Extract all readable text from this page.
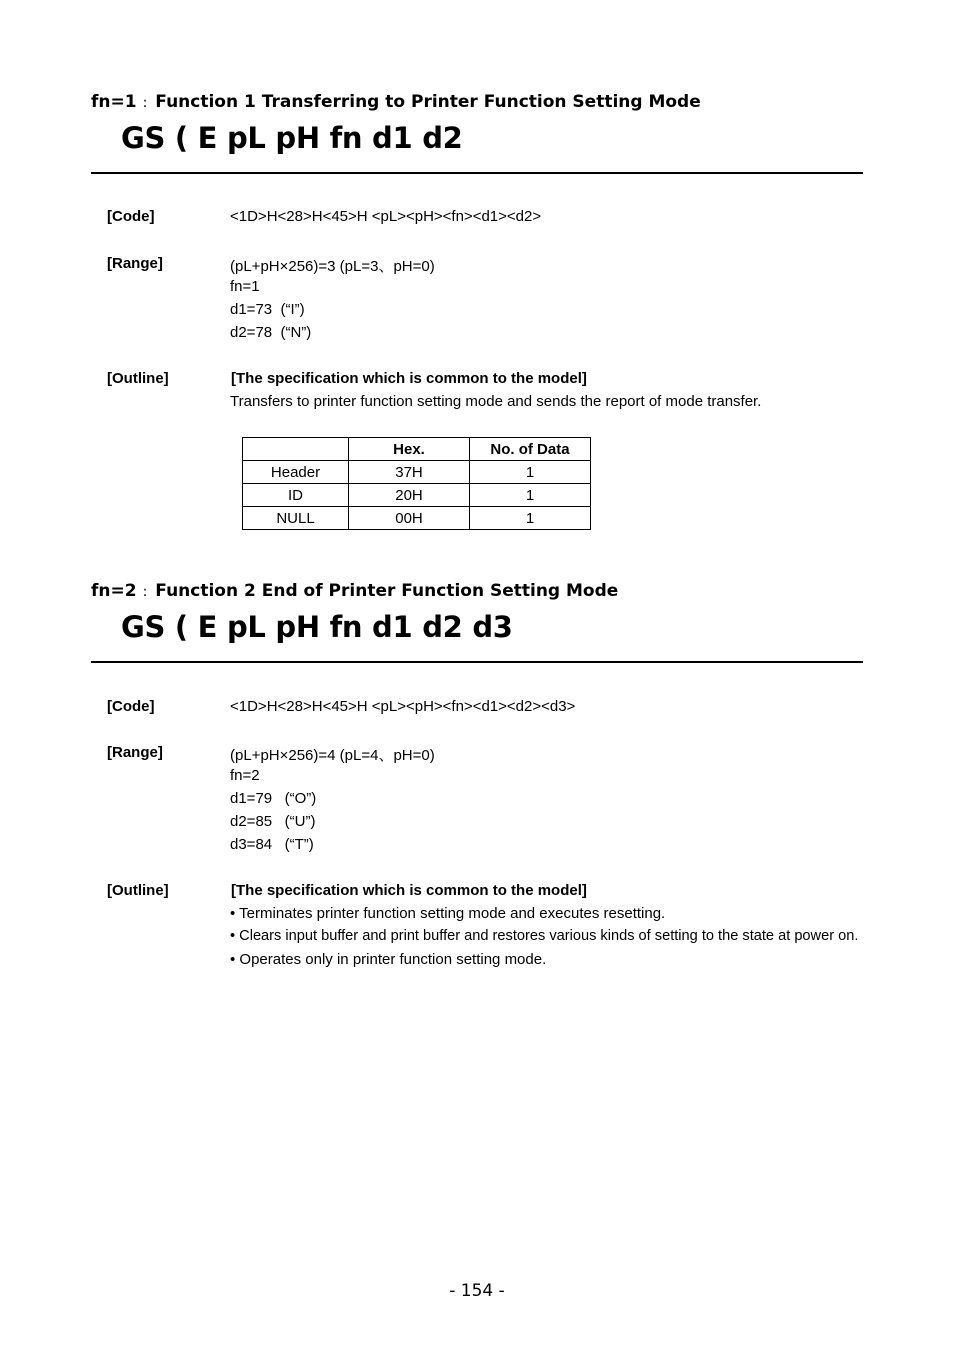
fn=1 : Function 1 Transferring to Printer Function Setting Mode
GS ( E pL pH fn d1 d2
[Code]	<1D>H<28>H<45>H <pL><pH><fn><d1><d2>
[Range]	(pL+pH×256)=3 (pL=3、pH=0)
fn=1
d1=73  (“I”)
d2=78  (“N”)
[Outline]	[The specification which is common to the model]
Transfers to printer function setting mode and sends the report of mode transfer.
	Hex.	No. of Data
Header	37H	1
ID	20H	1
NULL	00H	1
fn=2 : Function 2 End of Printer Function Setting Mode
GS ( E pL pH fn d1 d2 d3
[Code]	<1D>H<28>H<45>H <pL><pH><fn><d1><d2><d3>
[Range]	(pL+pH×256)=4 (pL=4、pH=0)
fn=2
d1=79   (“O”)
d2=85   (“U”)
d3=84   (“T”)
[Outline]	[The specification which is common to the model]
• Terminates printer function setting mode and executes resetting.
• Clears input buffer and print buffer and restores various kinds of setting to the state at power on.
• Operates only in printer function setting mode.
- 154 -
